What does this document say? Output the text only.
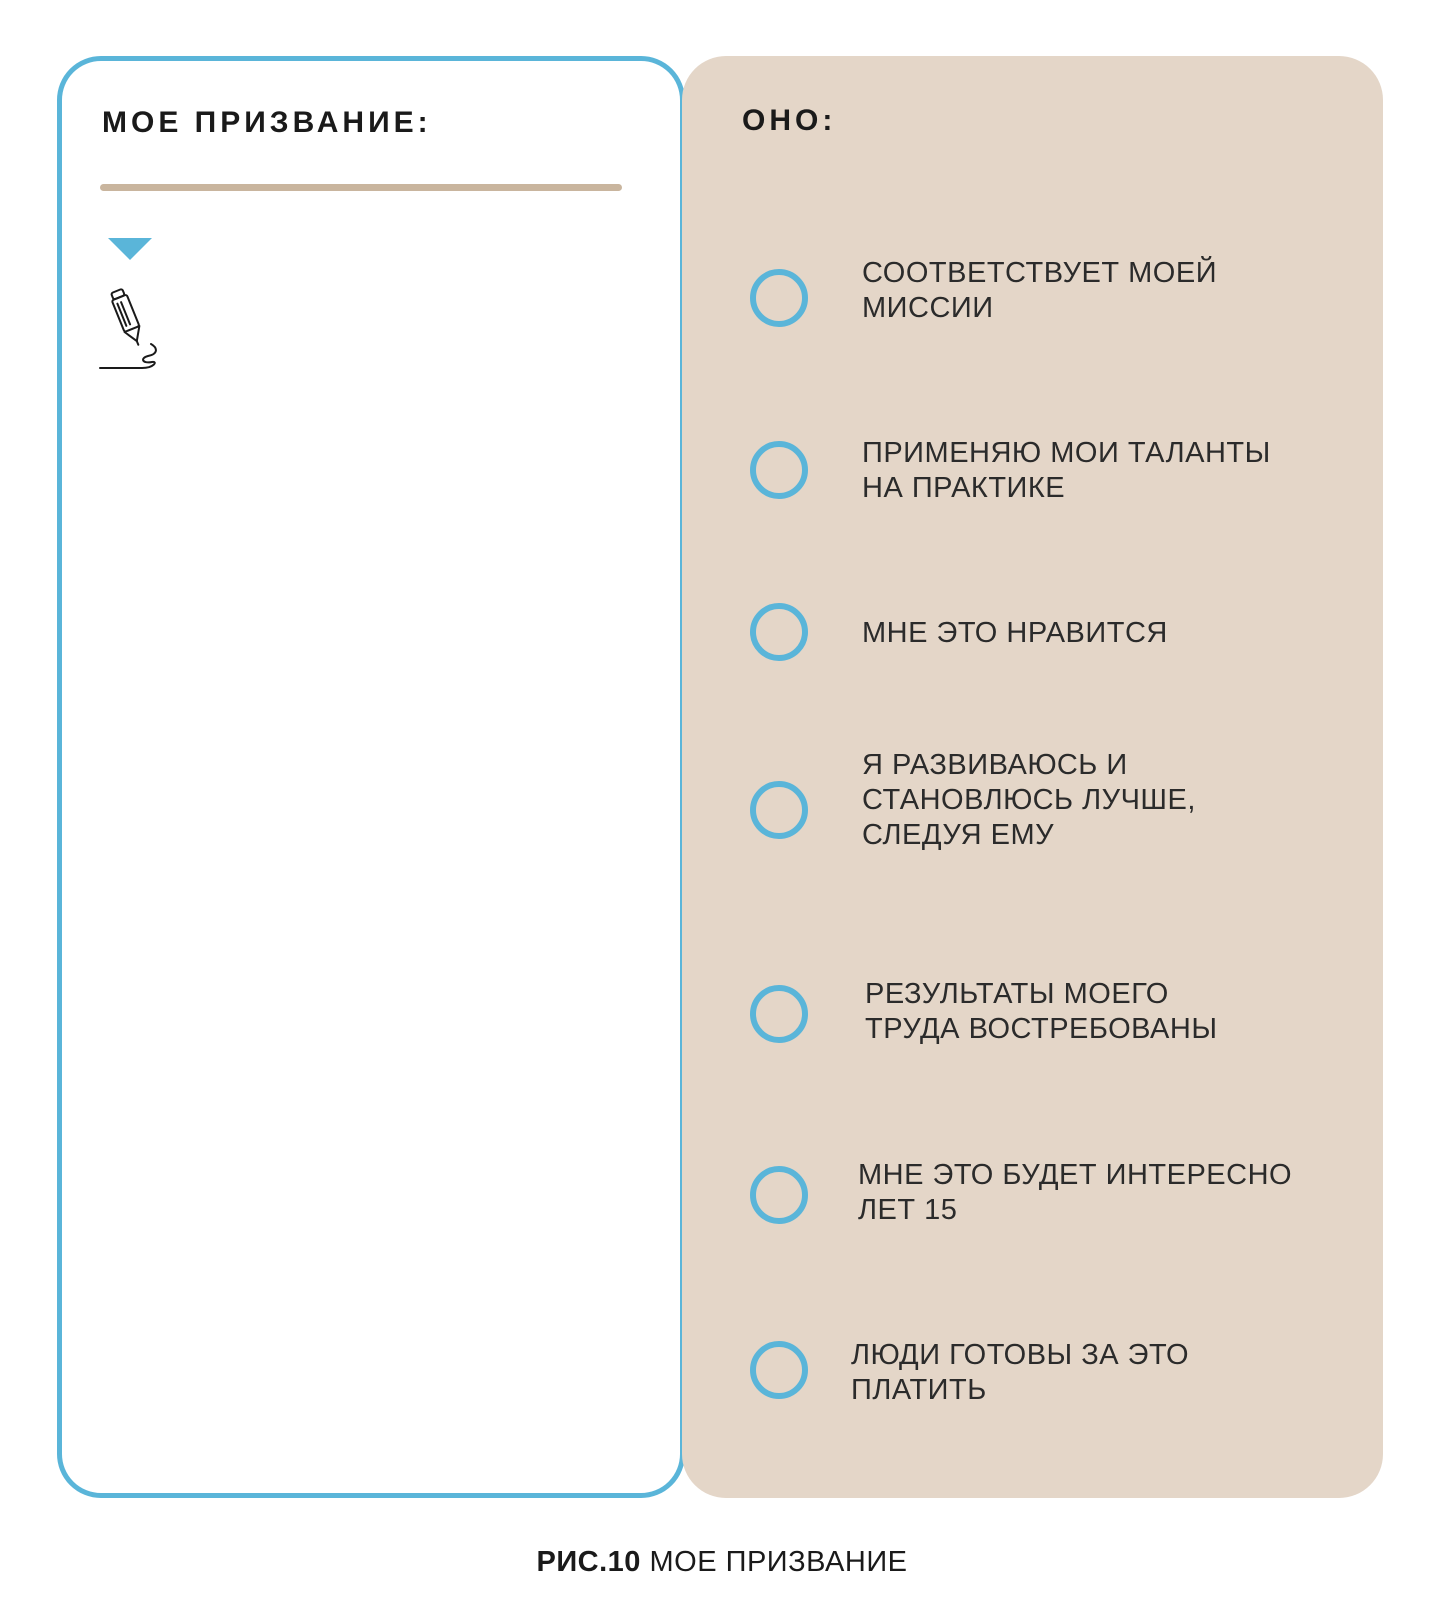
МОЕ ПРИЗВАНИЕ:	ОНО:
СООТВЕТСТВУЕТ МОЕЙ
МИССИИ
ПРИМЕНЯЮ МОИ ТАЛАНТЫ
НА ПРАКТИКЕ
МНЕ ЭТО НРАВИТСЯ
Я РАЗВИВАЮСЬ И
СТАНОВЛЮСЬ ЛУЧШЕ,
СЛЕДУЯ ЕМУ
РЕЗУЛЬТАТЫ МОЕГО
ТРУДА ВОСТРЕБОВАНЫ
МНЕ ЭТО БУДЕТ ИНТЕРЕСНО
ЛЕТ 15
ЛЮДИ ГОТОВЫ ЗА ЭТО
ПЛАТИТЬ
РИС.10 МОЕ ПРИЗВАНИЕ
